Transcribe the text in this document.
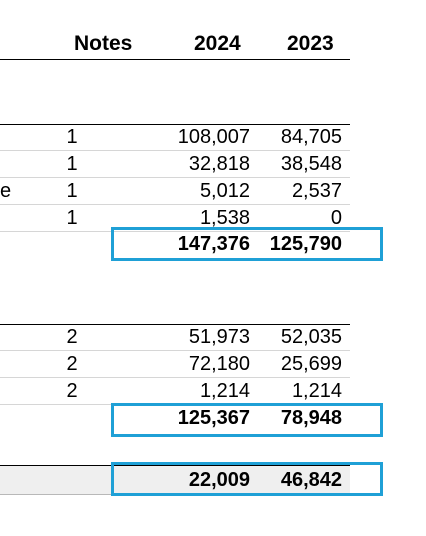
Notes	2024 2023
1	108,007 84,705
1	32,818 38,548
e	1	5,012 2,537
1	1,538	0
147,376 125,790
2	51,973 52,035
2	72,180 25,699
2	1,214 1,214
125,367 78,948
22,009 46,842
